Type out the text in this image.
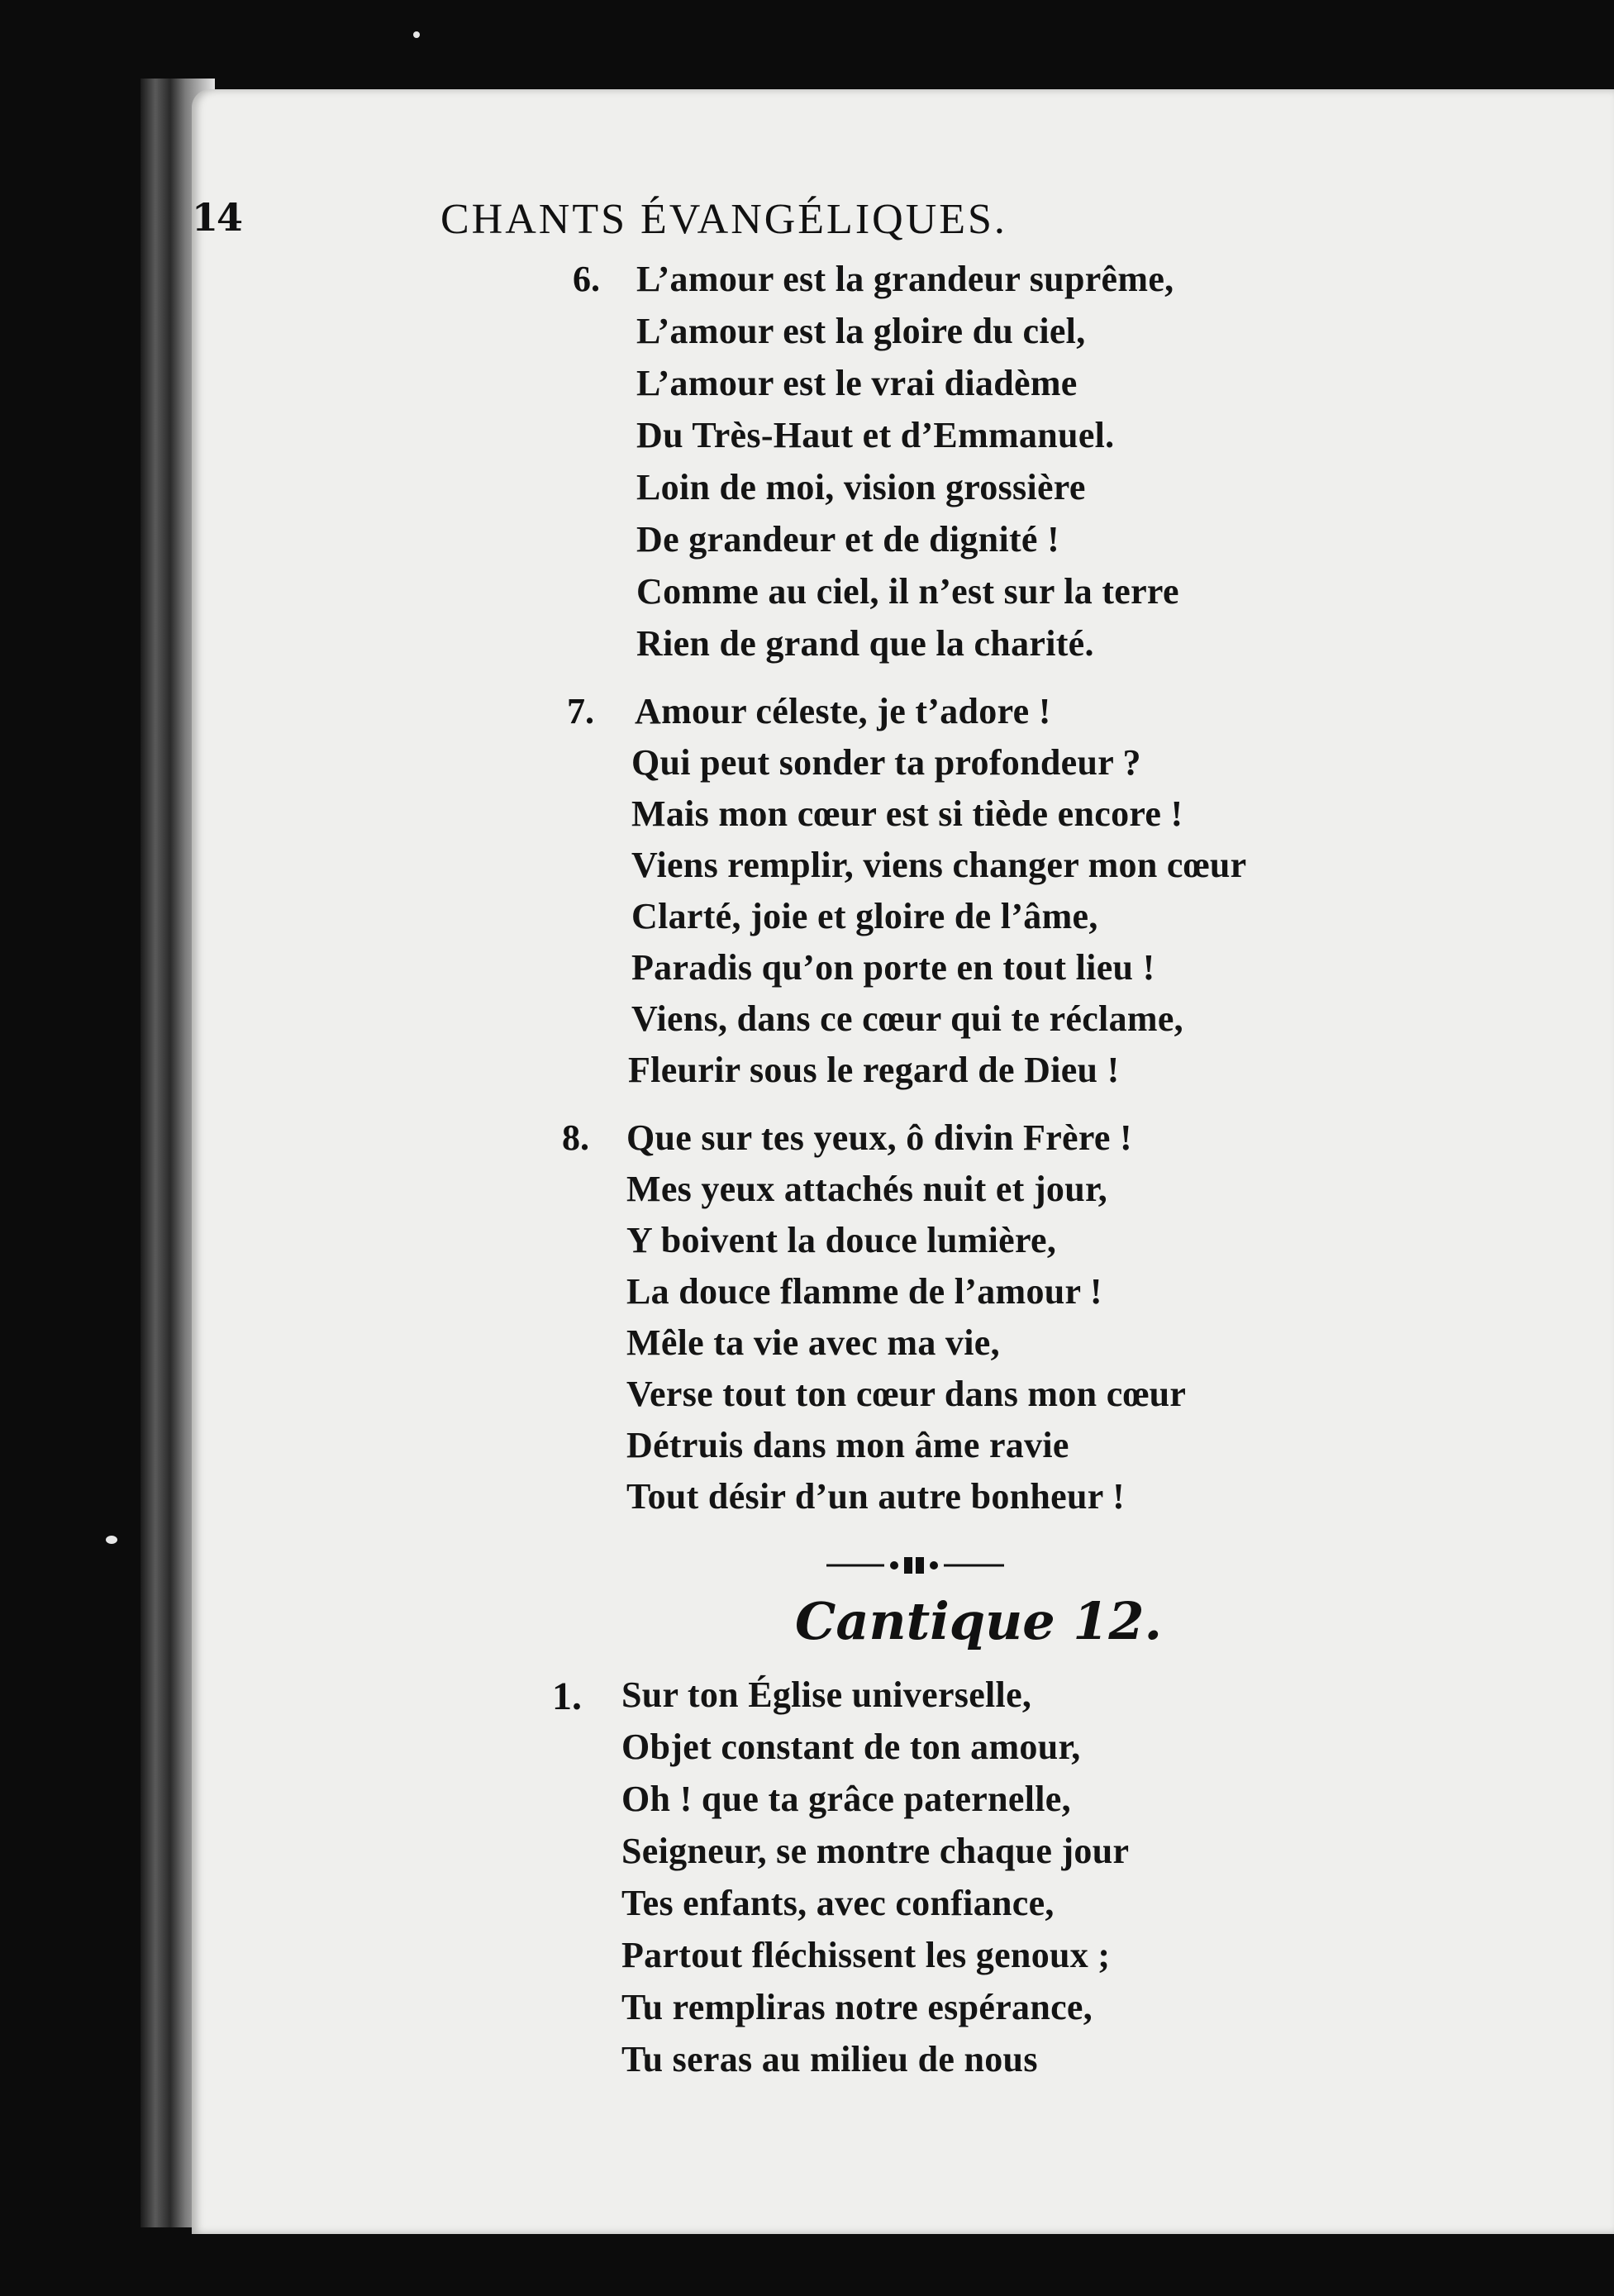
14	CHANTS ÉVANGÉLIQUES.
6. L’amour est la grandeur suprême,
L’amour est la gloire du ciel,
L’amour est le vrai diadème
Du Très-Haut et d’Emmanuel.
Loin de moi, vision grossière
De grandeur et de dignité !
Comme au ciel, il n’est sur la terre
Rien de grand que la charité.
7. Amour céleste, je t’adore !
Qui peut sonder ta profondeur ?
Mais mon cœur est si tiède encore !
Viens remplir, viens changer mon cœur
Clarté, joie et gloire de l’âme,
Paradis qu’on porte en tout lieu !
Viens, dans ce cœur qui te réclame,
Fleurir sous le regard de Dieu !
8. Que sur tes yeux, ô divin Frère !
Mes yeux attachés nuit et jour,
Y boivent la douce lumière,
La douce flamme de l’amour !
Mêle ta vie avec ma vie,
Verse tout ton cœur dans mon cœur
Détruis dans mon âme ravie
Tout désir d’un autre bonheur !
Cantique 12.
1. Sur ton Église universelle,
Objet constant de ton amour,
Oh ! que ta grâce paternelle,
Seigneur, se montre chaque jour
Tes enfants, avec confiance,
Partout fléchissent les genoux ;
Tu rempliras notre espérance,
Tu seras au milieu de nous
